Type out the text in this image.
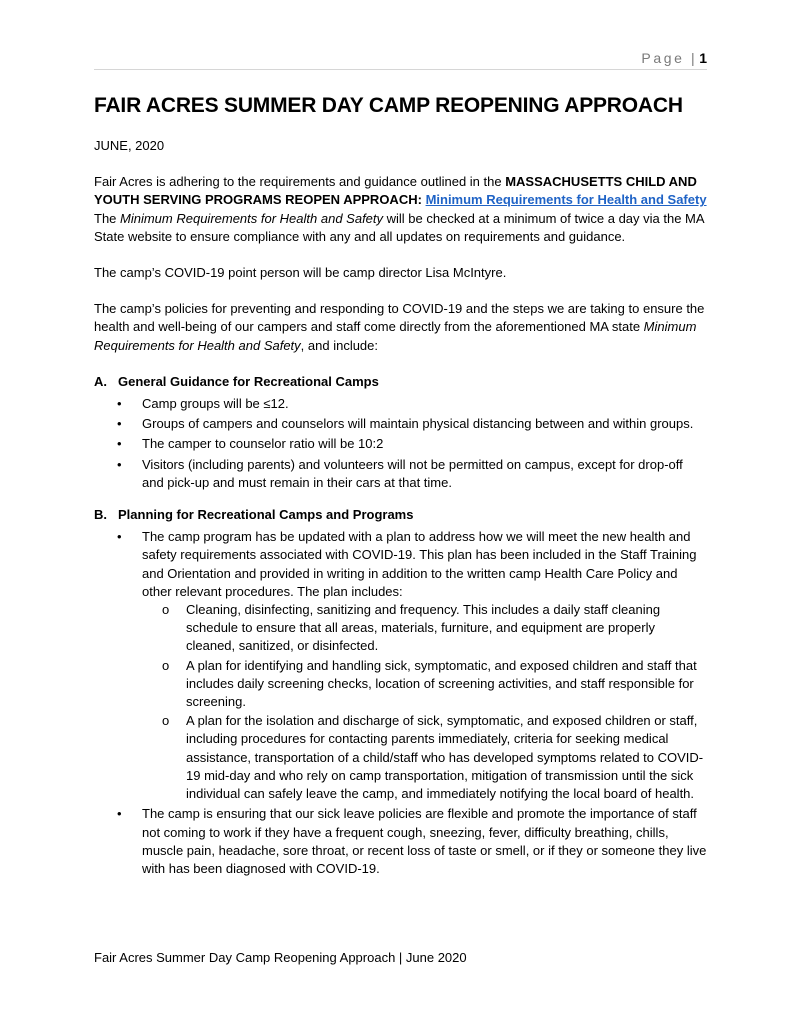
Page | 1
FAIR ACRES SUMMER DAY CAMP REOPENING APPROACH

JUNE, 2020

Fair Acres is adhering to the requirements and guidance outlined in the MASSACHUSETTS CHILD AND YOUTH SERVING PROGRAMS REOPEN APPROACH: Minimum Requirements for Health and Safety
The Minimum Requirements for Health and Safety will be checked at a minimum of twice a day via the MA State website to ensure compliance with any and all updates on requirements and guidance.

The camp’s COVID-19 point person will be camp director Lisa McIntyre.

The camp’s policies for preventing and responding to COVID-19 and the steps we are taking to ensure the health and well-being of our campers and staff come directly from the aforementioned MA state Minimum Requirements for Health and Safety, and include:

A. General Guidance for Recreational Camps
• Camp groups will be ≤12.
• Groups of campers and counselors will maintain physical distancing between and within groups.
• The camper to counselor ratio will be 10:2
• Visitors (including parents) and volunteers will not be permitted on campus, except for drop-off and pick-up and must remain in their cars at that time.
B. Planning for Recreational Camps and Programs
• The camp program has be updated with a plan to address how we will meet the new health and safety requirements associated with COVID-19. This plan has been included in the Staff Training and Orientation and provided in writing in addition to the written camp Health Care Policy and other relevant procedures. The plan includes:
o Cleaning, disinfecting, sanitizing and frequency. This includes a daily staff cleaning schedule to ensure that all areas, materials, furniture, and equipment are properly cleaned, sanitized, or disinfected.
o A plan for identifying and handling sick, symptomatic, and exposed children and staff that includes daily screening checks, location of screening activities, and staff responsible for screening.
o A plan for the isolation and discharge of sick, symptomatic, and exposed children or staff, including procedures for contacting parents immediately, criteria for seeking medical assistance, transportation of a child/staff who has developed symptoms related to COVID-19 mid-day and who rely on camp transportation, mitigation of transmission until the sick individual can safely leave the camp, and immediately notifying the local board of health.
• The camp is ensuring that our sick leave policies are flexible and promote the importance of staff not coming to work if they have a frequent cough, sneezing, fever, difficulty breathing, chills, muscle pain, headache, sore throat, or recent loss of taste or smell, or if they or someone they live with has been diagnosed with COVID-19.
Fair Acres Summer Day Camp Reopening Approach | June 2020
